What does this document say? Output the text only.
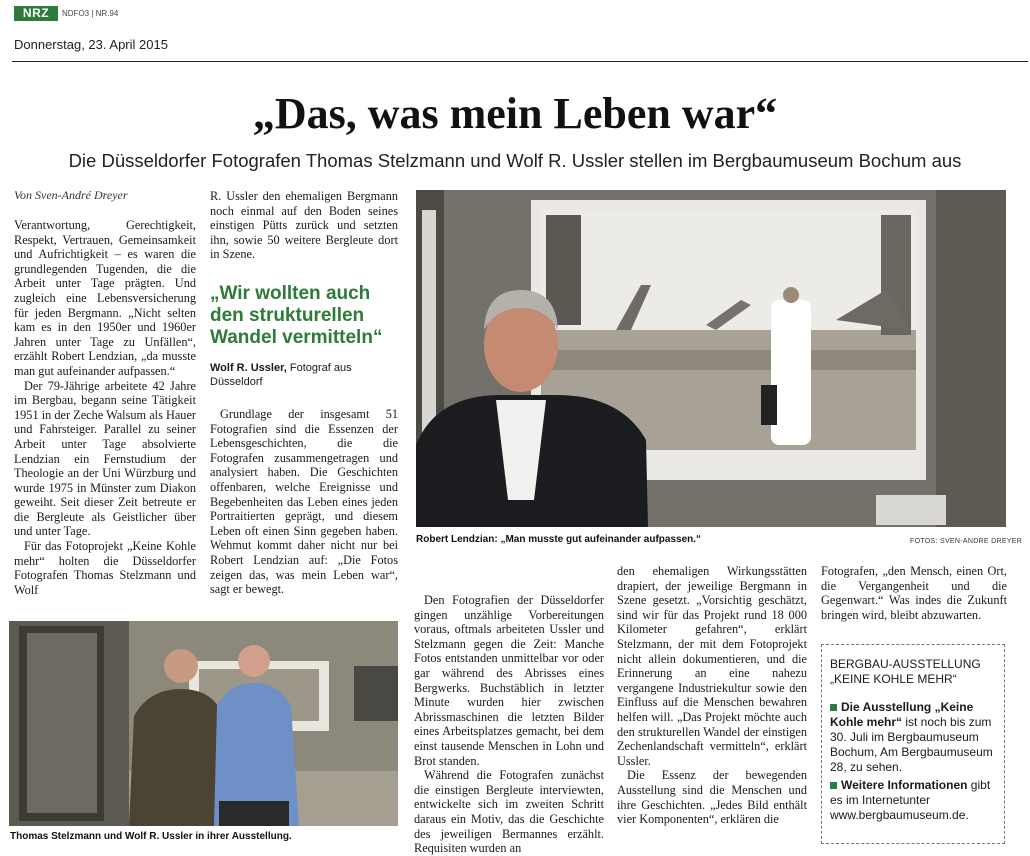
NRZ	NDFO3 | NR.94
Donnerstag, 23. April 2015
„Das, was mein Leben war“
Die Düsseldorfer Fotografen Thomas Stelzmann und Wolf R. Ussler stellen im Bergbaumuseum Bochum aus
Von Sven-André Dreyer

Verantwortung, Gerechtigkeit, Respekt, Vertrauen, Gemeinsamkeit und Aufrichtigkeit – es waren die grundlegenden Tugenden, die die Arbeit unter Tage prägten. Und zugleich eine Lebensversicherung für jeden Bergmann. „Nicht selten kam es in den 1950er und 1960er Jahren unter Tage zu Unfällen“, erzählt Robert Lendzian, „da musste man gut aufeinander aufpassen.“

Der 79-Jährige arbeitete 42 Jahre im Bergbau, begann seine Tätigkeit 1951 in der Zeche Walsum als Hauer und Fahrsteiger. Parallel zu seiner Arbeit unter Tage absolvierte Lendzian ein Fernstudium der Theologie an der Uni Würzburg und wurde 1975 in Münster zum Diakon geweiht. Seit dieser Zeit betreute er die Bergleute als Geistlicher über und unter Tage.

Für das Fotoprojekt „Keine Kohle mehr“ holten die Düsseldorfer Fotografen Thomas Stelzmann und Wolf

R. Ussler den ehemaligen Bergmann noch einmal auf den Boden seines einstigen Pütts zurück und setzten ihn, sowie 50 weitere Bergleute dort in Szene.

„Wir wollten auch den strukturellen Wandel vermitteln“
Wolf R. Ussler, Fotograf aus Düsseldorf

Grundlage der insgesamt 51 Fotografien sind die Essenzen der Lebensgeschichten, die die Fotografen zusammengetragen und analysiert haben. Die Geschichten offenbaren, welche Ereignisse und Begebenheiten das Leben eines jeden Portraitierten geprägt, und diesem Leben oft einen Sinn gegeben haben. Wehmut kommt daher nicht nur bei Robert Lendzian auf: „Die Fotos zeigen das, was mein Leben war“, sagt er bewegt.

Robert Lendzian: „Man musste gut aufeinander aufpassen.“	FOTOS: SVEN-ANDRE DREYER
Thomas Stelzmann und Wolf R. Ussler in ihrer Ausstellung.

Den Fotografien der Düsseldorfer gingen unzählige Vorbereitungen voraus, oftmals arbeiteten Ussler und Stelzmann gegen die Zeit: Manche Fotos entstanden unmittelbar vor oder gar während des Abrisses eines Bergwerks. Buchstäblich in letzter Minute wurden hier zwischen Abrissmaschinen die letzten Bilder eines Arbeitsplatzes gemacht, bei dem einst tausende Menschen in Lohn und Brot standen.

Während die Fotografen zunächst die einstigen Bergleute interviewten, entwickelte sich im zweiten Schritt daraus ein Motiv, das die Geschichte des jeweiligen Bermannes erzählt. Requisiten wurden an

den ehemaligen Wirkungsstätten drapiert, der jeweilige Bergmann in Szene gesetzt. „Vorsichtig geschätzt, sind wir für das Projekt rund 18 000 Kilometer gefahren“, erklärt Stelzmann, der mit dem Fotoprojekt nicht allein dokumentieren, und die Erinnerung an eine nahezu vergangene Industriekultur sowie den Einfluss auf die Menschen bewahren helfen will. „Das Projekt möchte auch den strukturellen Wandel der einstigen Zechenlandschaft vermitteln“, erklärt Ussler.

Die Essenz der bewegenden Ausstellung sind die Menschen und ihre Geschichten. „Jedes Bild enthält vier Komponenten“, erklären die

Fotografen, „den Mensch, einen Ort, die Vergangenheit und die Gegenwart.“ Was indes die Zukunft bringen wird, bleibt abzuwarten.

BERGBAU-AUSSTELLUNG
„KEINE KOHLE MEHR“
Die Ausstellung „Keine Kohle mehr“ ist noch bis zum 30. Juli im Bergbaumuseum Bochum, Am Bergbaumuseum 28, zu sehen.
Weitere Informationen gibt es im Internetunter www.bergbaumuseum.de.
